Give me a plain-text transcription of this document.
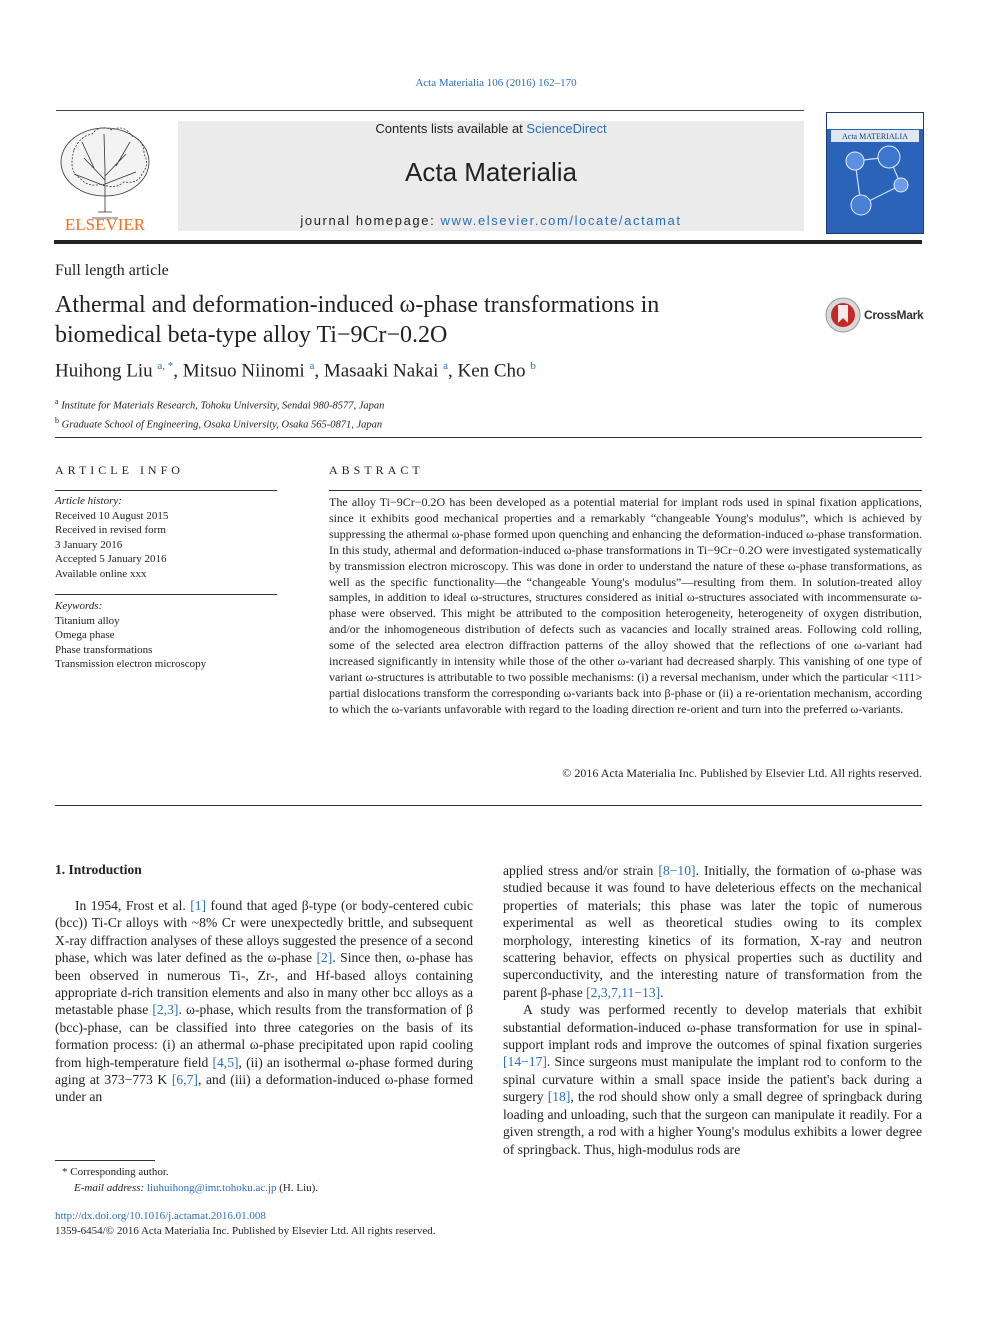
Acta Materialia 106 (2016) 162–170
ELSEVIER
Contents lists available at ScienceDirect
Acta Materialia
journal homepage: www.elsevier.com/locate/actamat
Acta MATERIALIA
Full length article
Athermal and deformation-induced ω-phase transformations in
biomedical beta-type alloy Ti−9Cr−0.2O
CrossMark
Huihong Liu $^{a, *}$, Mitsuo Niinomi $^a$, Masaaki Nakai $^a$, Ken Cho $^b$
$^a$ Institute for Materials Research, Tohoku University, Sendai 980-8577, Japan
$^b$ Graduate School of Engineering, Osaka University, Osaka 565-0871, Japan
ARTICLE INFO	ABSTRACT
Article history:
Received 10 August 2015
Received in revised form
3 January 2016
Accepted 5 January 2016
Available online xxx
Keywords:
Titanium alloy
Omega phase
Phase transformations
Transmission electron microscopy
The alloy Ti−9Cr−0.2O has been developed as a potential material for implant rods used in spinal fixation applications, since it exhibits good mechanical properties and a remarkably “changeable Young's modulus”, which is achieved by suppressing the athermal ω-phase formed upon quenching and enhancing the deformation-induced ω-phase transformation. In this study, athermal and deformation-induced ω-phase transformations in Ti−9Cr−0.2O were investigated systematically by transmission electron microscopy. This was done in order to understand the nature of these ω-phase transformations, as well as the specific functionality—the “changeable Young's modulus”—resulting from them. In solution-treated alloy samples, in addition to ideal ω-structures, structures considered as initial ω-structures associated with incommensurate ω-phase were observed. This might be attributed to the composition heterogeneity, heterogeneity of oxygen distribution, and/or the inhomogeneous distribution of defects such as vacancies and locally strained areas. Following cold rolling, some of the selected area electron diffraction patterns of the alloy showed that the reflections of one ω-variant had increased significantly in intensity while those of the other ω-variant had decreased sharply. This vanishing of one type of variant ω-structures is attributable to two possible mechanisms: (i) a reversal mechanism, under which the particular <111> partial dislocations transform the corresponding ω-variants back into β-phase or (ii) a re-orientation mechanism, according to which the ω-variants unfavorable with regard to the loading direction re-orient and turn into the preferred ω-variants.
© 2016 Acta Materialia Inc. Published by Elsevier Ltd. All rights reserved.
1. Introduction

In 1954, Frost et al. [1] found that aged β-type (or body-centered cubic (bcc)) Ti-Cr alloys with ~8% Cr were unexpectedly brittle, and subsequent X-ray diffraction analyses of these alloys suggested the presence of a second phase, which was later defined as the ω-phase [2]. Since then, ω-phase has been observed in numerous Ti-, Zr-, and Hf-based alloys containing appropriate d-rich transition elements and also in many other bcc alloys as a metastable phase [2,3]. ω-phase, which results from the transformation of β (bcc)-phase, can be classified into three categories on the basis of its formation process: (i) an athermal ω-phase precipitated upon rapid cooling from high-temperature field [4,5], (ii) an isothermal ω-phase formed during aging at 373−773 K [6,7], and (iii) a deformation-induced ω-phase formed under an

applied stress and/or strain [8−10]. Initially, the formation of ω-phase was studied because it was found to have deleterious effects on the mechanical properties of materials; this phase was later the topic of numerous experimental as well as theoretical studies owing to its complex morphology, interesting kinetics of its formation, X-ray and neutron scattering behavior, effects on physical properties such as ductility and superconductivity, and the interesting nature of transformation from the parent β-phase [2,3,7,11−13].

A study was performed recently to develop materials that exhibit substantial deformation-induced ω-phase transformation for use in spinal-support implant rods and improve the outcomes of spinal fixation surgeries [14−17]. Since surgeons must manipulate the implant rod to conform to the spinal curvature within a small space inside the patient's back during a surgery [18], the rod should show only a small degree of springback during loading and unloading, such that the surgeon can manipulate it readily. For a given strength, a rod with a higher Young's modulus exhibits a lower degree of springback. Thus, high-modulus rods are

* Corresponding author.
E-mail address: liuhuihong@imr.tohoku.ac.jp (H. Liu).
http://dx.doi.org/10.1016/j.actamat.2016.01.008
1359-6454/© 2016 Acta Materialia Inc. Published by Elsevier Ltd. All rights reserved.
